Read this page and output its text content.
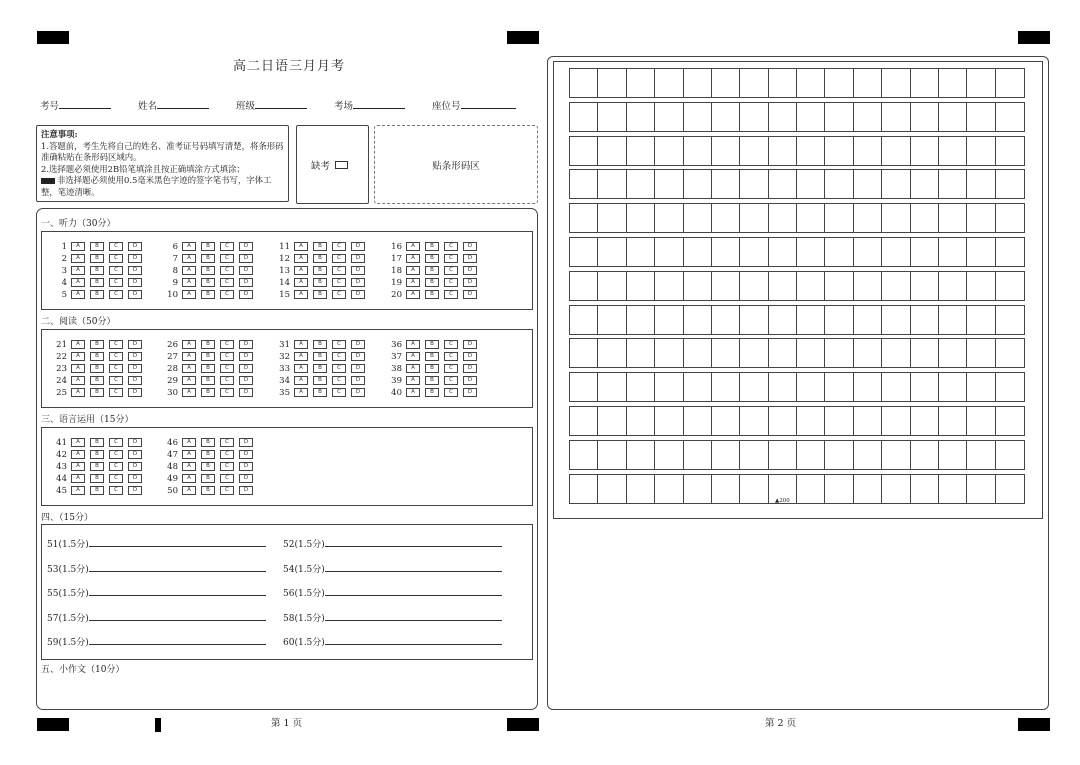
高二日语三月月考
考号	姓名	班级	考场	座位号
注意事项:
1.答题前，考生先将自己的姓名、准考证号码填写清楚，将条形码准确粘贴在条形码区域内。
2.选择题必须使用2B铅笔填涂且按正确填涂方式填涂；
非选择题必须使用0.5毫米黑色字迹的签字笔书写，字体工整，笔迹清晰。
缺考	贴条形码区
一、听力（30分）
二、阅读（50分）
三、语言运用（15分）
四、（15分）
五、小作文（10分）
1	A	B	C	D
2	A	B	C	D
3	A	B	C	D
4	A	B	C	D
5	A	B	C	D
6	A	B	C	D
7	A	B	C	D
8	A	B	C	D
9	A	B	C	D
10	A	B	C	D
11	A	B	C	D
12	A	B	C	D
13	A	B	C	D
14	A	B	C	D
15	A	B	C	D
16	A	B	C	D
17	A	B	C	D
18	A	B	C	D
19	A	B	C	D
20	A	B	C	D
21	A	B	C	D
22	A	B	C	D
23	A	B	C	D
24	A	B	C	D
25	A	B	C	D
26	A	B	C	D
27	A	B	C	D
28	A	B	C	D
29	A	B	C	D
30	A	B	C	D
31	A	B	C	D
32	A	B	C	D
33	A	B	C	D
34	A	B	C	D
35	A	B	C	D
36	A	B	C	D
37	A	B	C	D
38	A	B	C	D
39	A	B	C	D
40	A	B	C	D
41	A	B	C	D
42	A	B	C	D
43	A	B	C	D
44	A	B	C	D
45	A	B	C	D
46	A	B	C	D
47	A	B	C	D
48	A	B	C	D
49	A	B	C	D
50	A	B	C	D
51(1.5分)	52(1.5分)
53(1.5分)	54(1.5分)
55(1.5分)	56(1.5分)
57(1.5分)	58(1.5分)
59(1.5分)	60(1.5分)
第 1 页
▲200
第 2 页
